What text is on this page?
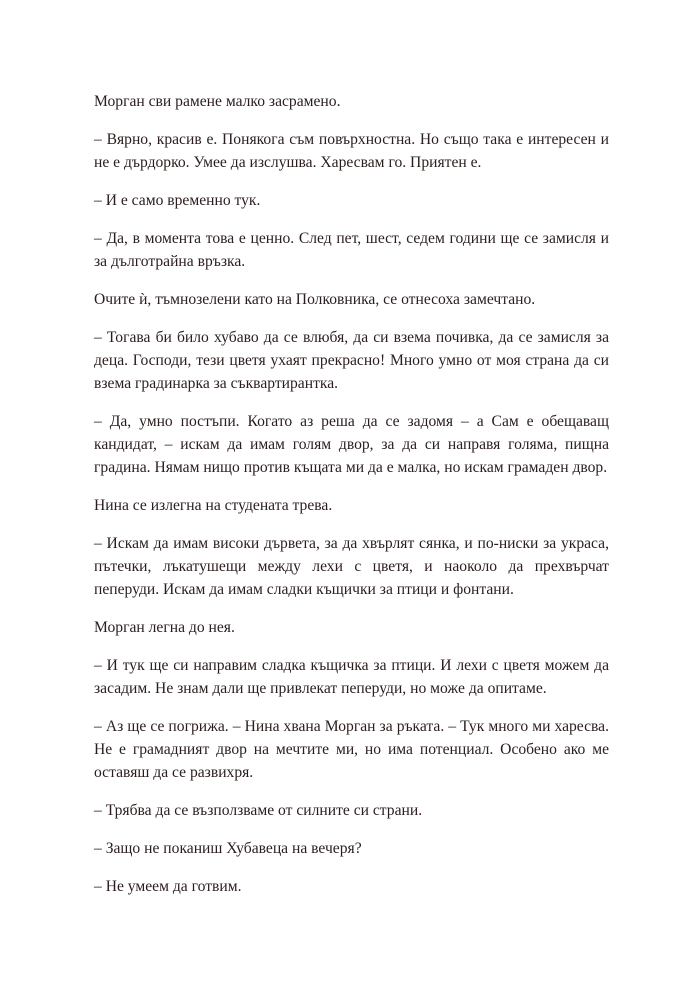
Морган сви рамене малко засрамено.

– Вярно, красив е. Понякога съм повърхностна. Но също така е интересен и не е дърдорко. Умее да изслушва. Харесвам го. Приятен е.

– И е само временно тук.

– Да, в момента това е ценно. След пет, шест, седем години ще се замисля и за дълготрайна връзка.

Очите ѝ, тъмнозелени като на Полковника, се отнесоха замечтано.

– Тогава би било хубаво да се влюбя, да си взема почивка, да се замисля за деца. Господи, тези цветя ухаят прекрасно! Много умно от моя страна да си взема градинарка за съквартирантка.

– Да, умно постъпи. Когато аз реша да се задомя – а Сам е обещаващ кандидат, – искам да имам голям двор, за да си направя голяма, пищна градина. Нямам нищо против къщата ми да е малка, но искам грамаден двор.

Нина се излегна на студената трева.

– Искам да имам високи дървета, за да хвърлят сянка, и по-ниски за украса, пътечки, лъкатушещи между лехи с цветя, и наоколо да прехвърчат пеперуди. Искам да имам сладки къщички за птици и фонтани.

Морган легна до нея.

– И тук ще си направим сладка къщичка за птици. И лехи с цветя можем да засадим. Не знам дали ще привлекат пеперуди, но може да опитаме.

– Аз ще се погрижа. – Нина хвана Морган за ръката. – Тук много ми харесва. Не е грамадният двор на мечтите ми, но има потенциал. Особено ако ме оставяш да се развихря.

– Трябва да се възползваме от силните си страни.

– Защо не поканиш Хубавеца на вечеря?

– Не умеем да готвим.
